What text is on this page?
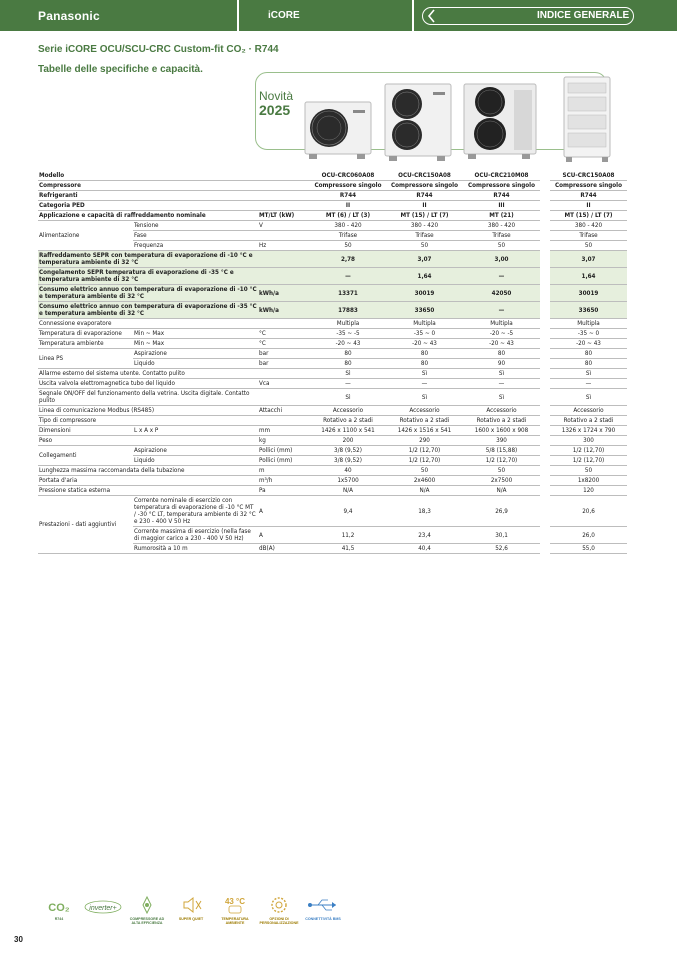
Panasonic	iCORE	INDICE GENERALE
Serie iCORE OCU/SCU-CRC Custom-fit CO₂ · R744
Tabelle delle specifiche e capacità.
Novità
2025
Modello			OCU-CRC060A08	OCU-CRC150A08	OCU-CRC210M08		SCU-CRC150A08
Compressore			Compressore singolo	Compressore singolo	Compressore singolo		Compressore singolo
Refrigeranti			R744	R744	R744		R744
Categoria PED			II	II	III		II
Applicazione e capacità di raffreddamento nominale		MT/LT (kW)	MT (6) / LT (3)	MT (15) / LT (7)	MT (21)		MT (15) / LT (7)
Alimentazione	Tensione	V	380 - 420	380 - 420	380 - 420		380 - 420
	Fase		Trifase	Trifase	Trifase		Trifase
	Frequenza	Hz	50	50	50		50
Raffreddamento SEPR con temperatura di evaporazione di -10 °C e temperatura ambiente di 32 °C			2,78	3,07	3,00		3,07
Congelamento SEPR temperatura di evaporazione di -35 °C e temperatura ambiente di 32 °C			—	1,64	—		1,64
Consumo elettrico annuo con temperatura di evaporazione di -10 °C e temperatura ambiente di 32 °C		kWh/a	13371	30019	42050		30019
Consumo elettrico annuo con temperatura di evaporazione di -35 °C e temperatura ambiente di 32 °C		kWh/a	17883	33650	—		33650
Connessione evaporatore			Multipla	Multipla	Multipla		Multipla
Temperatura di evaporazione	Min ~ Max	°C	-35 ~ -5	-35 ~ 0	-20 ~ -5		-35 ~ 0
Temperatura ambiente	Min ~ Max	°C	-20 ~ 43	-20 ~ 43	-20 ~ 43		-20 ~ 43
Linea PS	Aspirazione	bar	80	80	80		80
	Liquido	bar	80	80	90		80
Allarme esterno del sistema utente. Contatto pulito			Sì	Sì	Sì		Sì
Uscita valvola elettromagnetica tubo del liquido		Vca	—	—	—		—
Segnale ON/OFF del funzionamento della vetrina. Uscita digitale. Contatto pulito			Sì	Sì	Sì		Sì
Linea di comunicazione Modbus (RS485)		Attacchi	Accessorio	Accessorio	Accessorio		Accessorio
Tipo di compressore			Rotativo a 2 stadi	Rotativo a 2 stadi	Rotativo a 2 stadi		Rotativo a 2 stadi
Dimensioni	L x A x P	mm	1426 x 1100 x 541	1426 x 1516 x 541	1600 x 1600 x 908		1326 x 1724 x 790
Peso		kg	200	290	390		300
Collegamenti	Aspirazione	Pollici (mm)	3/8 (9,52)	1/2 (12,70)	5/8 (15,88)		1/2 (12,70)
	Liquido	Pollici (mm)	3/8 (9,52)	1/2 (12,70)	1/2 (12,70)		1/2 (12,70)
Lunghezza massima raccomandata della tubazione		m	40	50	50		50
Portata d'aria		m³/h	1x5700	2x4600	2x7500		1x8200
Pressione statica esterna		Pa	N/A	N/A	N/A		120
Prestazioni - dati aggiuntivi	Corrente nominale di esercizio con temperatura di evaporazione di -10 °C MT / -30 °C LT, temperatura ambiente di 32 °C e 230 - 400 V 50 Hz	A	9,4	18,3	26,9		20,6
	Corrente massima di esercizio (nella fase di maggior carico a 230 - 400 V 50 Hz)	A	11,2	23,4	30,1		26,0
	Rumorosità a 10 m	dB(A)	41,5	40,4	52,6		55,0
CO₂
R744
inverter+
COMPRESSORE AD ALTA EFFICIENZA
SUPER QUIET
43 °C
TEMPERATURA AMBIENTE
OPZIONI DI PERSONALIZZAZIONE
CONNETTIVITÀ BMS
30
